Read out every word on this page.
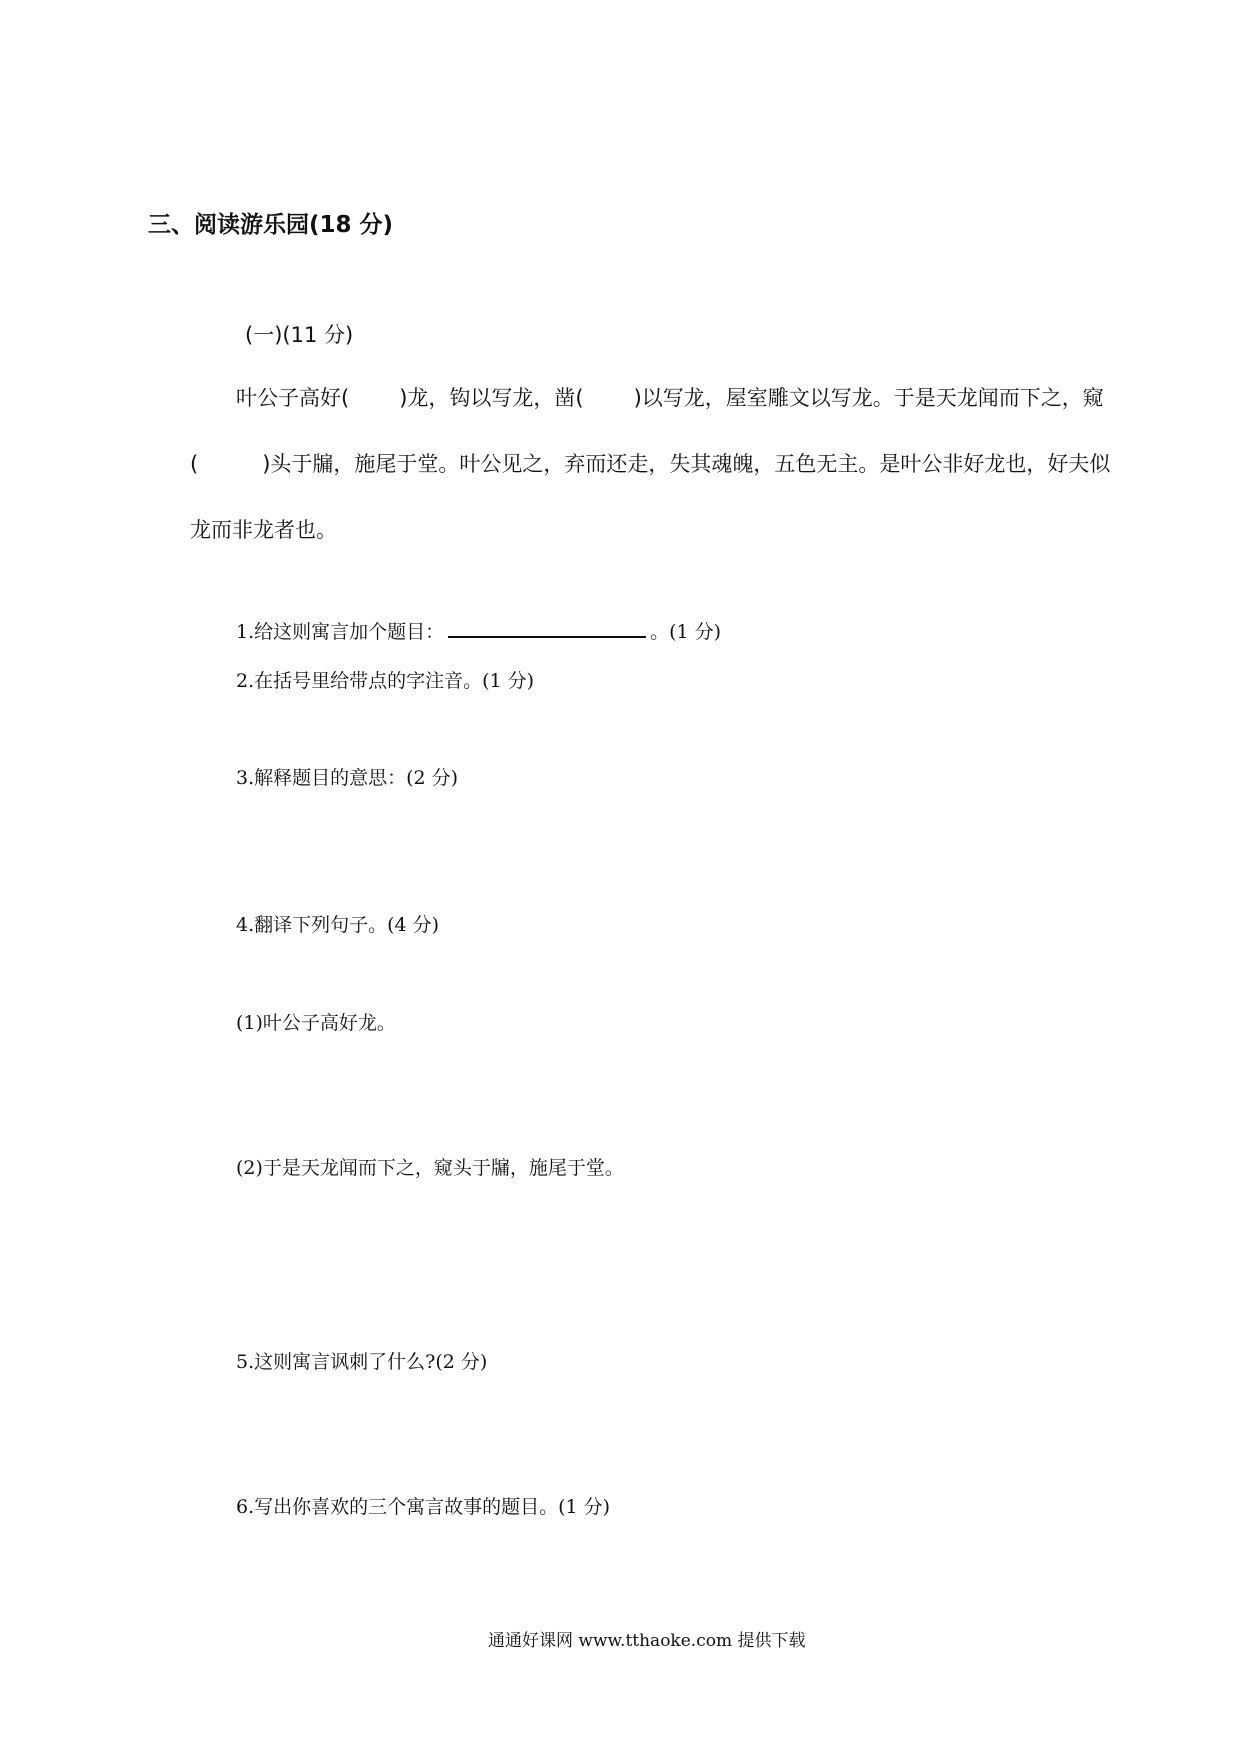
三、阅读游乐园(18 分)
(一)(11 分)
叶公子高好( )龙，钩以写龙，凿( )以写龙，屋室雕文以写龙。于是天龙闻而下之，窥
(	)头于牖，施尾于堂。叶公见之，弃而还走，失其魂魄，五色无主。是叶公非好龙也，好夫似
龙而非龙者也。
1.给这则寓言加个题目：	。(1 分)
2.在括号里给带点的字注音。(1 分)
3.解释题目的意思：(2 分)
4.翻译下列句子。(4 分)
(1)叶公子高好龙。
(2)于是天龙闻而下之，窥头于牖，施尾于堂。
5.这则寓言讽刺了什么?(2 分)
6.写出你喜欢的三个寓言故事的题目。(1 分)
通通好课网 www.tthaoke.com 提供下载
